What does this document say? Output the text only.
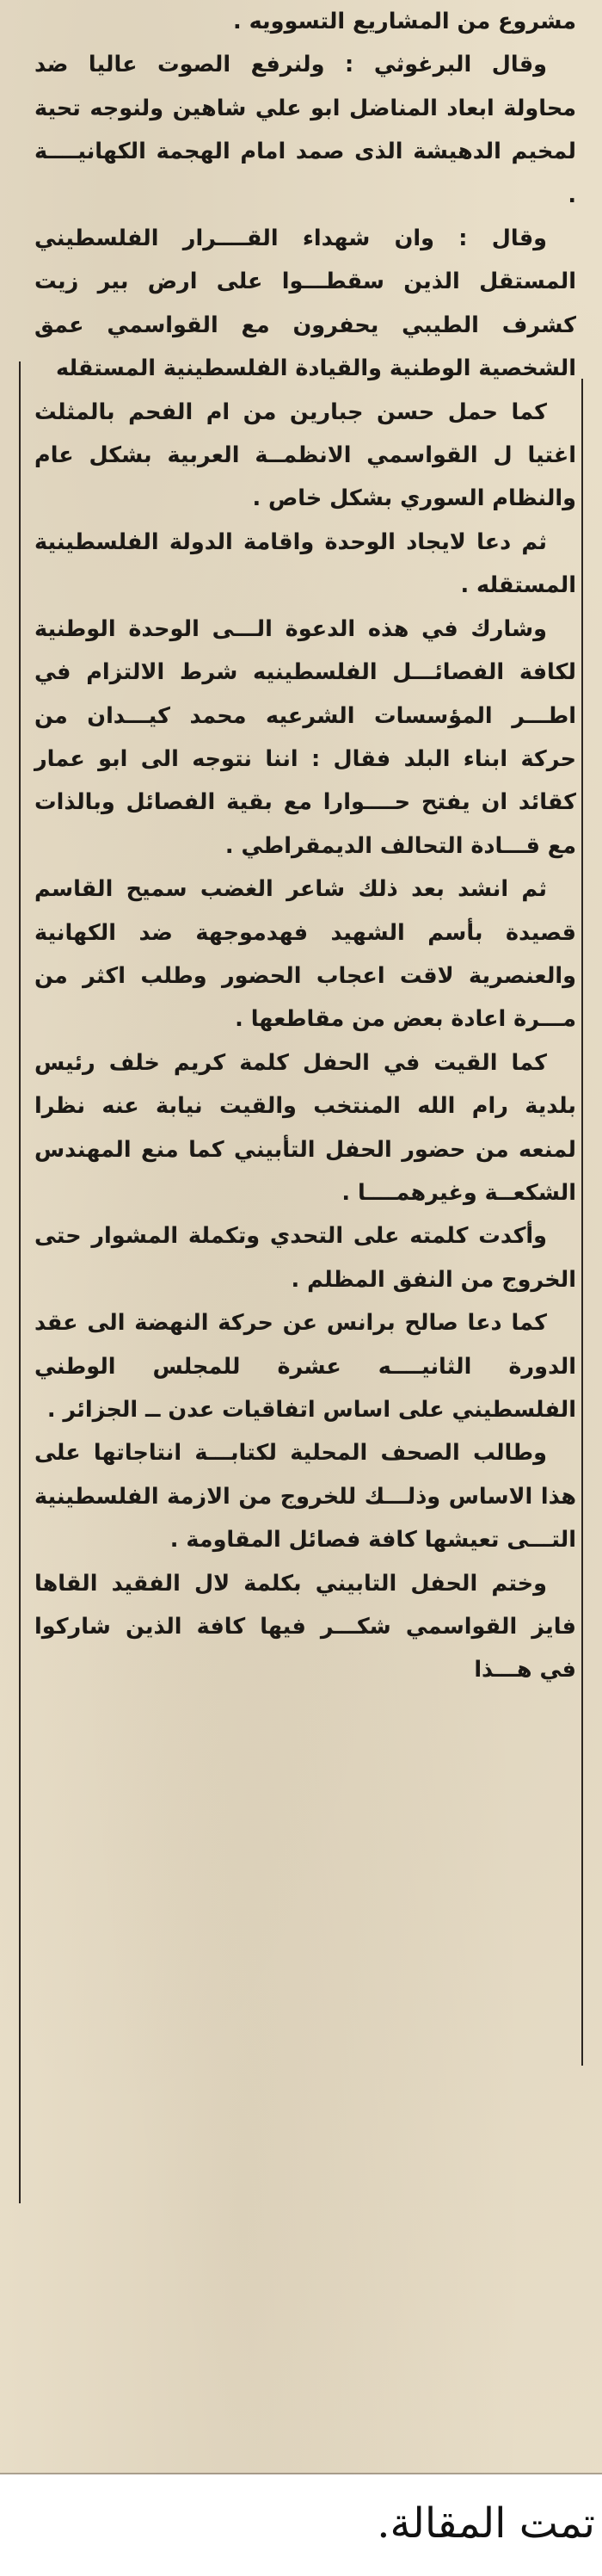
مشروع من المشاريع التسوويه .

وقال البرغوثي : ولنرفع الصوت عاليا ضد محاولة ابعاد المناضل ابو علي شاهين ولنوجه تحية لمخيم الدهيشة الذى صمد امام الهجمة الكهانيــــة .

وقال : وان شهداء القــــرار الفلسطيني المستقل الذين سقطـــوا على ارض بير زيت كشرف الطيبي يحفرون مع القواسمي عمق الشخصية الوطنية والقيادة الفلسطينية المستقله

كما حمل حسن جبارين من ام الفحم بالمثلث اغتيا ل القواسمي الانظمــة العربية بشكل عام والنظام السوري بشكل خاص .

ثم دعا لايجاد الوحدة واقامة الدولة الفلسطينية المستقله .

وشارك في هذه الدعوة الـــى الوحدة الوطنية لكافة الفصائـــل الفلسطينيه شرط الالتزام في اطـــر المؤسسات الشرعيه محمد كيـــدان من حركة ابناء البلد فقال : اننا نتوجه الى ابو عمار كقائد ان يفتح حــــوارا مع بقية الفصائل وبالذات مع قـــادة التحالف الديمقراطي .

ثم انشد بعد ذلك شاعر الغضب سميح القاسم قصيدة بأسم الشهيد فهدموجهة ضد الكهانية والعنصرية لاقت اعجاب الحضور وطلب اكثر من مـــرة اعادة بعض من مقاطعها .

كما القيت في الحفل كلمة كريم خلف رئيس بلدية رام الله المنتخب والقيت نيابة عنه نظرا لمنعه من حضور الحفل التأبيني كما منع المهندس الشكعــة وغيرهمــــا .

وأكدت كلمته على التحدي وتكملة المشوار حتى الخروج من النفق المظلم .

كما دعا صالح برانس عن حركة النهضة الى عقد الدورة الثانيــــه عشرة للمجلس الوطني الفلسطيني على اساس اتفاقيات عدن ــ الجزائر .

وطالب الصحف المحلية لكتابـــة انتاجاتها على هذا الاساس وذلـــك للخروج من الازمة الفلسطينية التـــى تعيشها كافة فصائل المقاومة .

وختم الحفل التابيني بكلمة لال الفقيد القاها فايز القواسمي شكـــر فيها كافة الذين شاركوا في هـــذا

تمت المقالة.
